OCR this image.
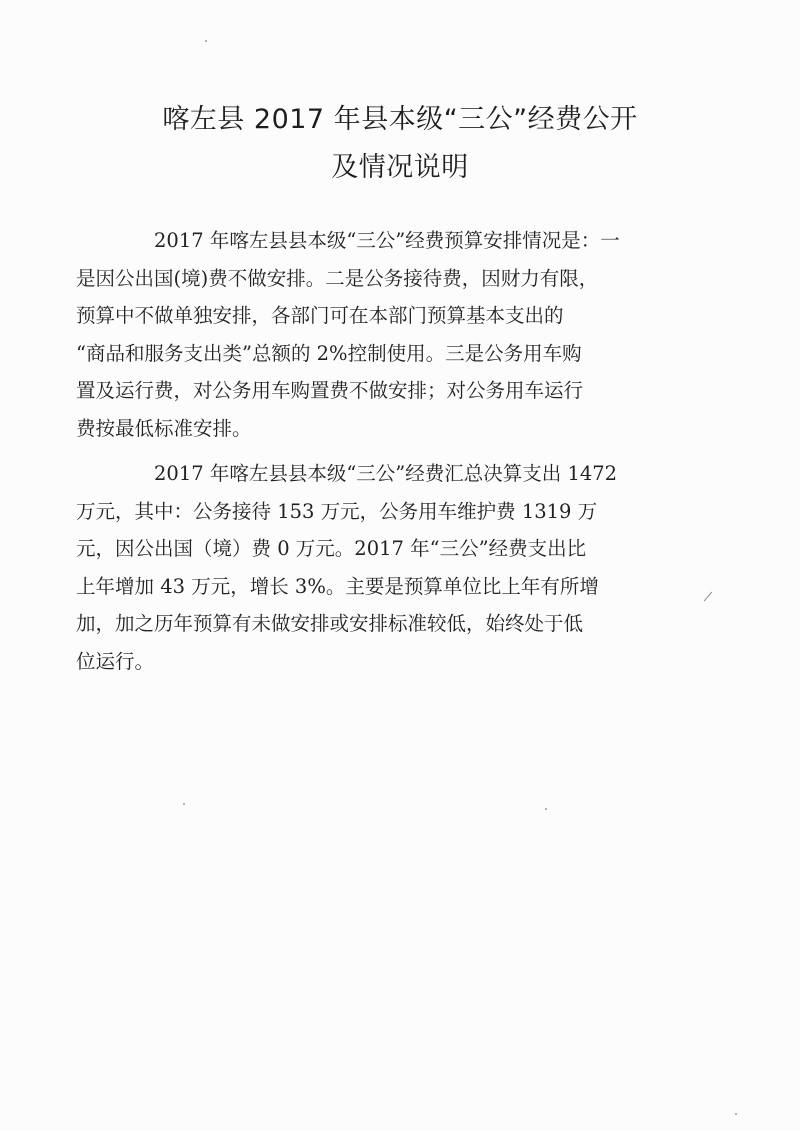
喀左县 2017 年县本级“三公”经费公开
及情况说明
2017 年喀左县县本级“三公”经费预算安排情况是：一
是因公出国(境)费不做安排。二是公务接待费，因财力有限，
预算中不做单独安排，各部门可在本部门预算基本支出的
“商品和服务支出类”总额的 2%控制使用。三是公务用车购
置及运行费，对公务用车购置费不做安排；对公务用车运行
费按最低标准安排。
2017 年喀左县县本级“三公”经费汇总决算支出 1472
万元，其中：公务接待 153 万元，公务用车维护费 1319 万
元，因公出国（境）费 0 万元。2017 年“三公”经费支出比
上年增加 43 万元，增长 3%。主要是预算单位比上年有所增
加，加之历年预算有未做安排或安排标准较低，始终处于低
位运行。
